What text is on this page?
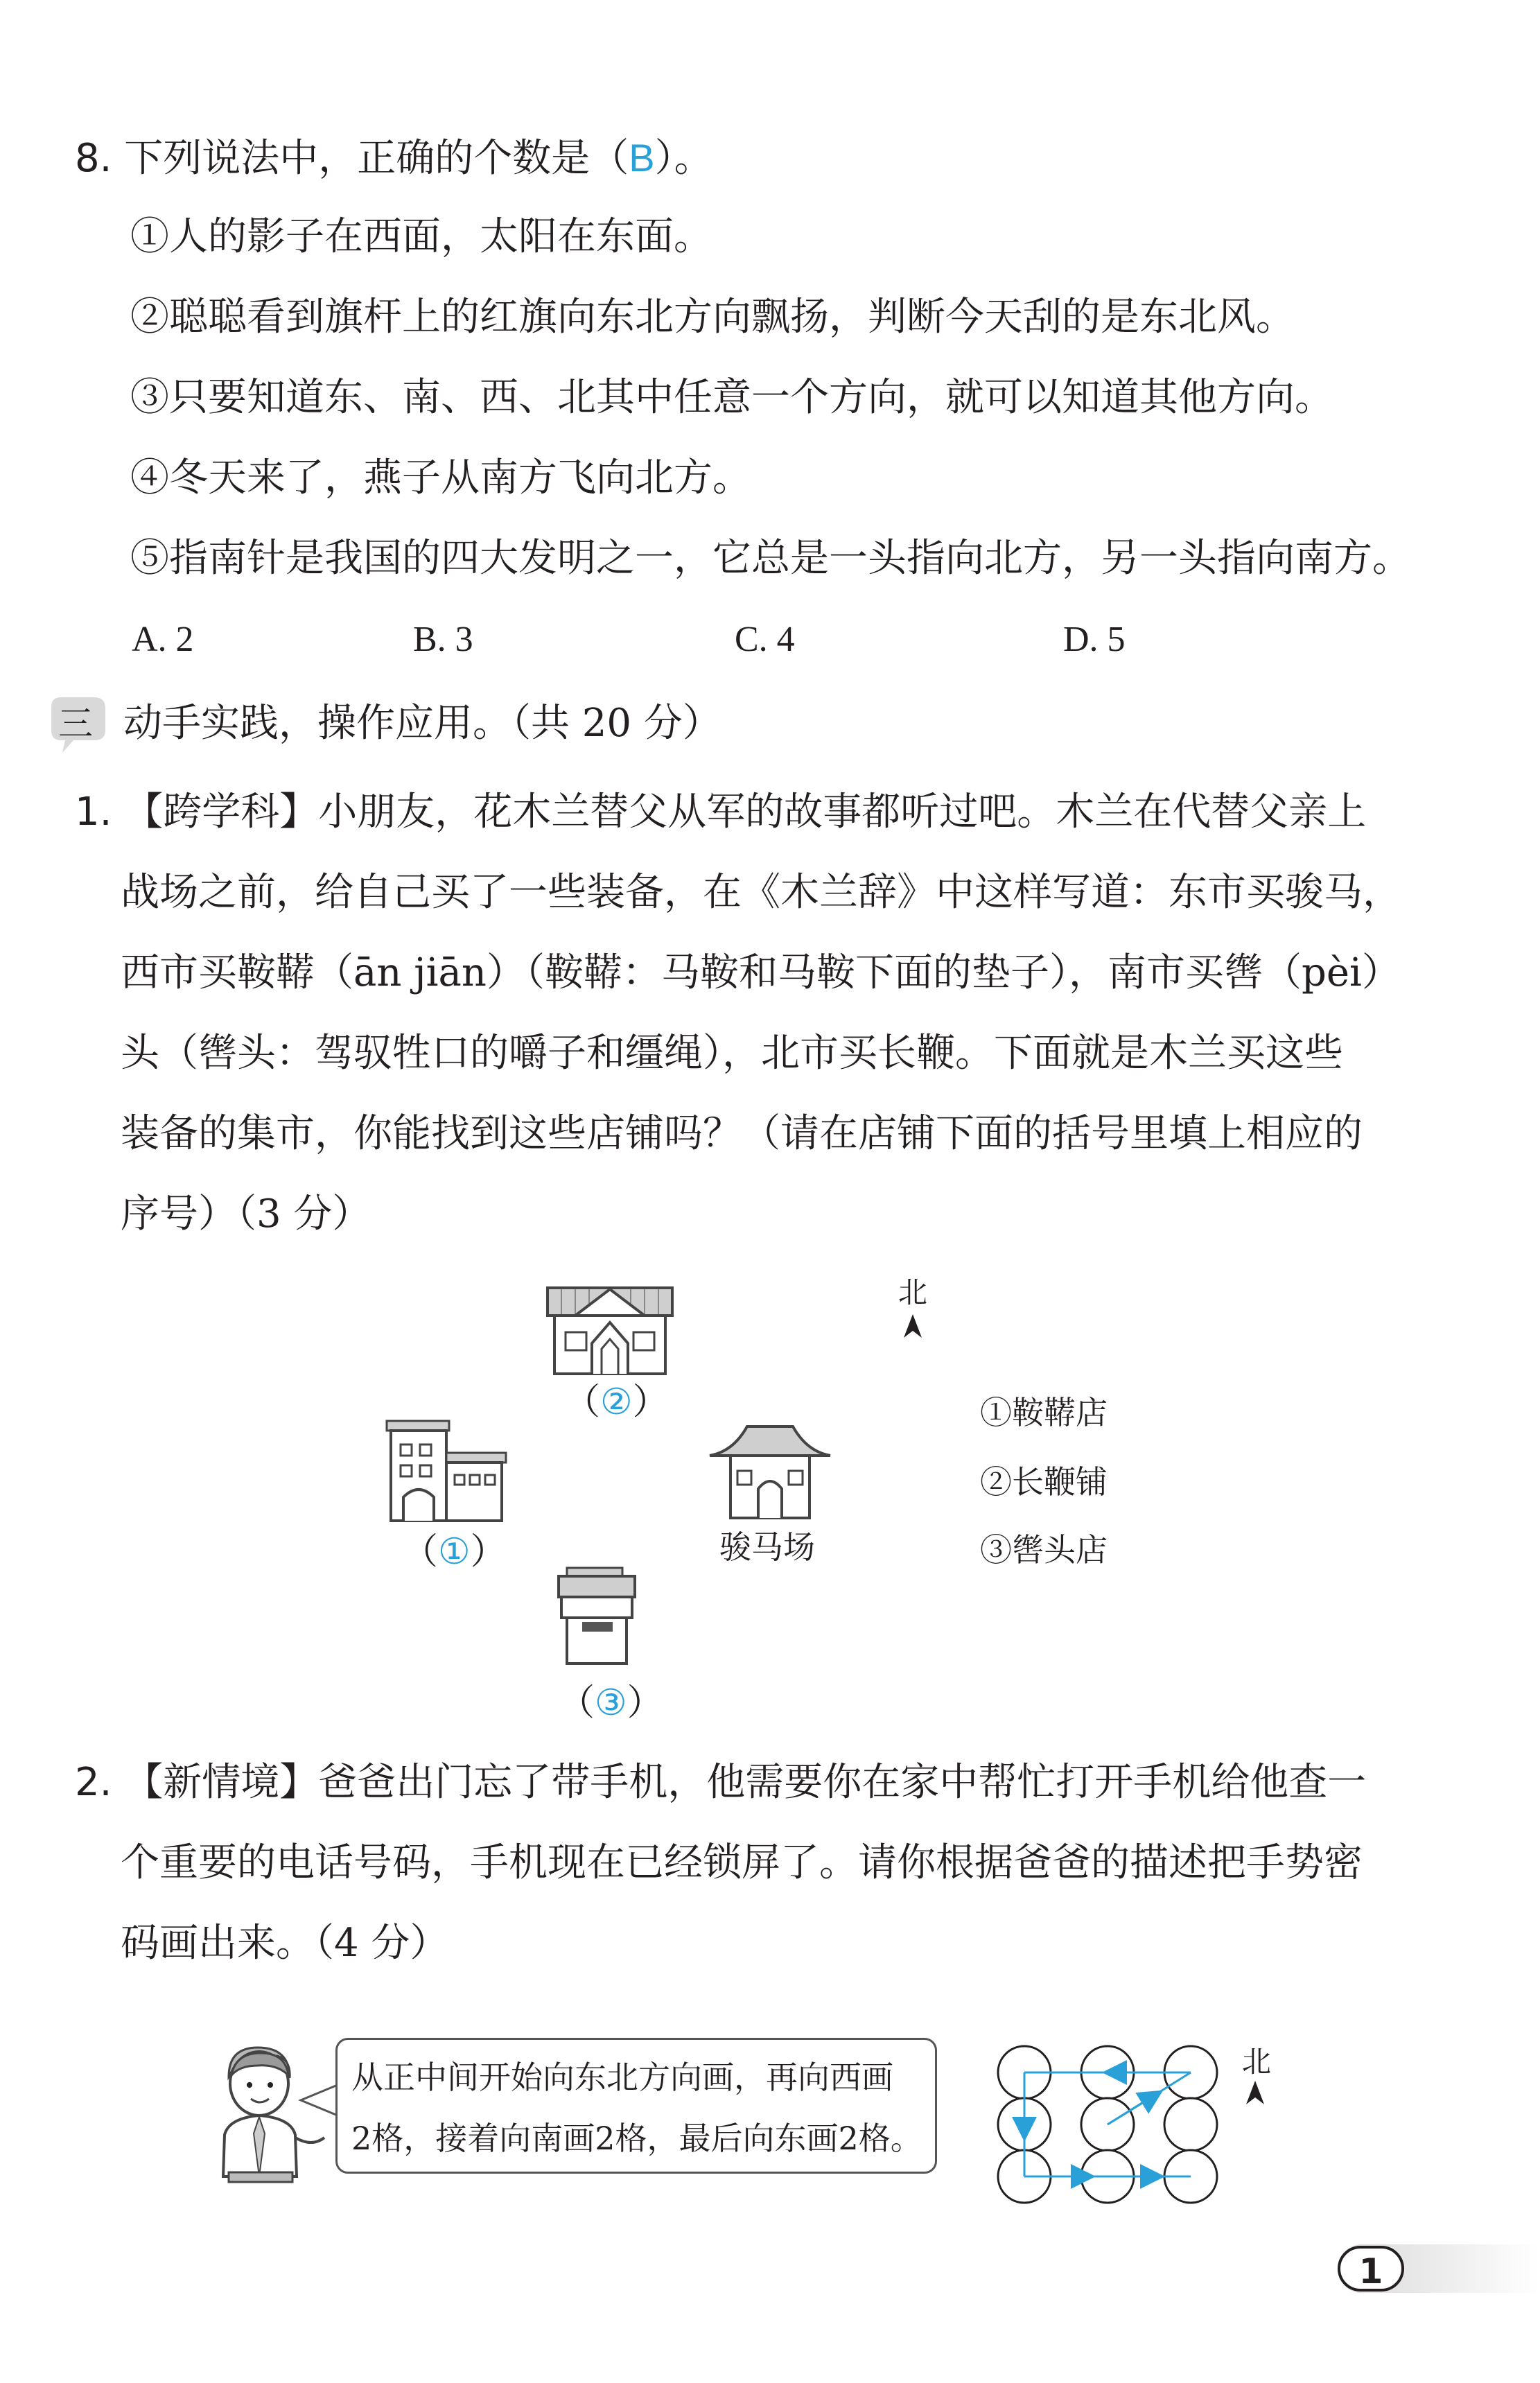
8. 下列说法中，正确的个数是（B）。
①人的影子在西面，太阳在东面。
②聪聪看到旗杆上的红旗向东北方向飘扬，判断今天刮的是东北风。
③只要知道东、南、西、北其中任意一个方向，就可以知道其他方向。
④冬天来了，燕子从南方飞向北方。
⑤指南针是我国的四大发明之一，它总是一头指向北方，另一头指向南方。
A. 2	B. 3	C. 4	D. 5
三 动手实践，操作应用。（共 20 分）
1. 【跨学科】小朋友，花木兰替父从军的故事都听过吧。木兰在代替父亲上
战场之前，给自己买了一些装备，在《木兰辞》中这样写道：东市买骏马，
西市买鞍鞯（ān jiān）（鞍鞯：马鞍和马鞍下面的垫子），南市买辔（pèi）
头（辔头：驾驭牲口的嚼子和缰绳），北市买长鞭。下面就是木兰买这些
装备的集市，你能找到这些店铺吗？（请在店铺下面的括号里填上相应的
序号）（3 分）
（②）
（①）	骏马场
（③）
北
①鞍鞯店
②长鞭铺
③辔头店
2. 【新情境】爸爸出门忘了带手机，他需要你在家中帮忙打开手机给他查一
个重要的电话号码，手机现在已经锁屏了。请你根据爸爸的描述把手势密
码画出来。（4 分）
从正中间开始向东北方向画，再向西画
2格，接着向南画2格，最后向东画2格。
北
1
